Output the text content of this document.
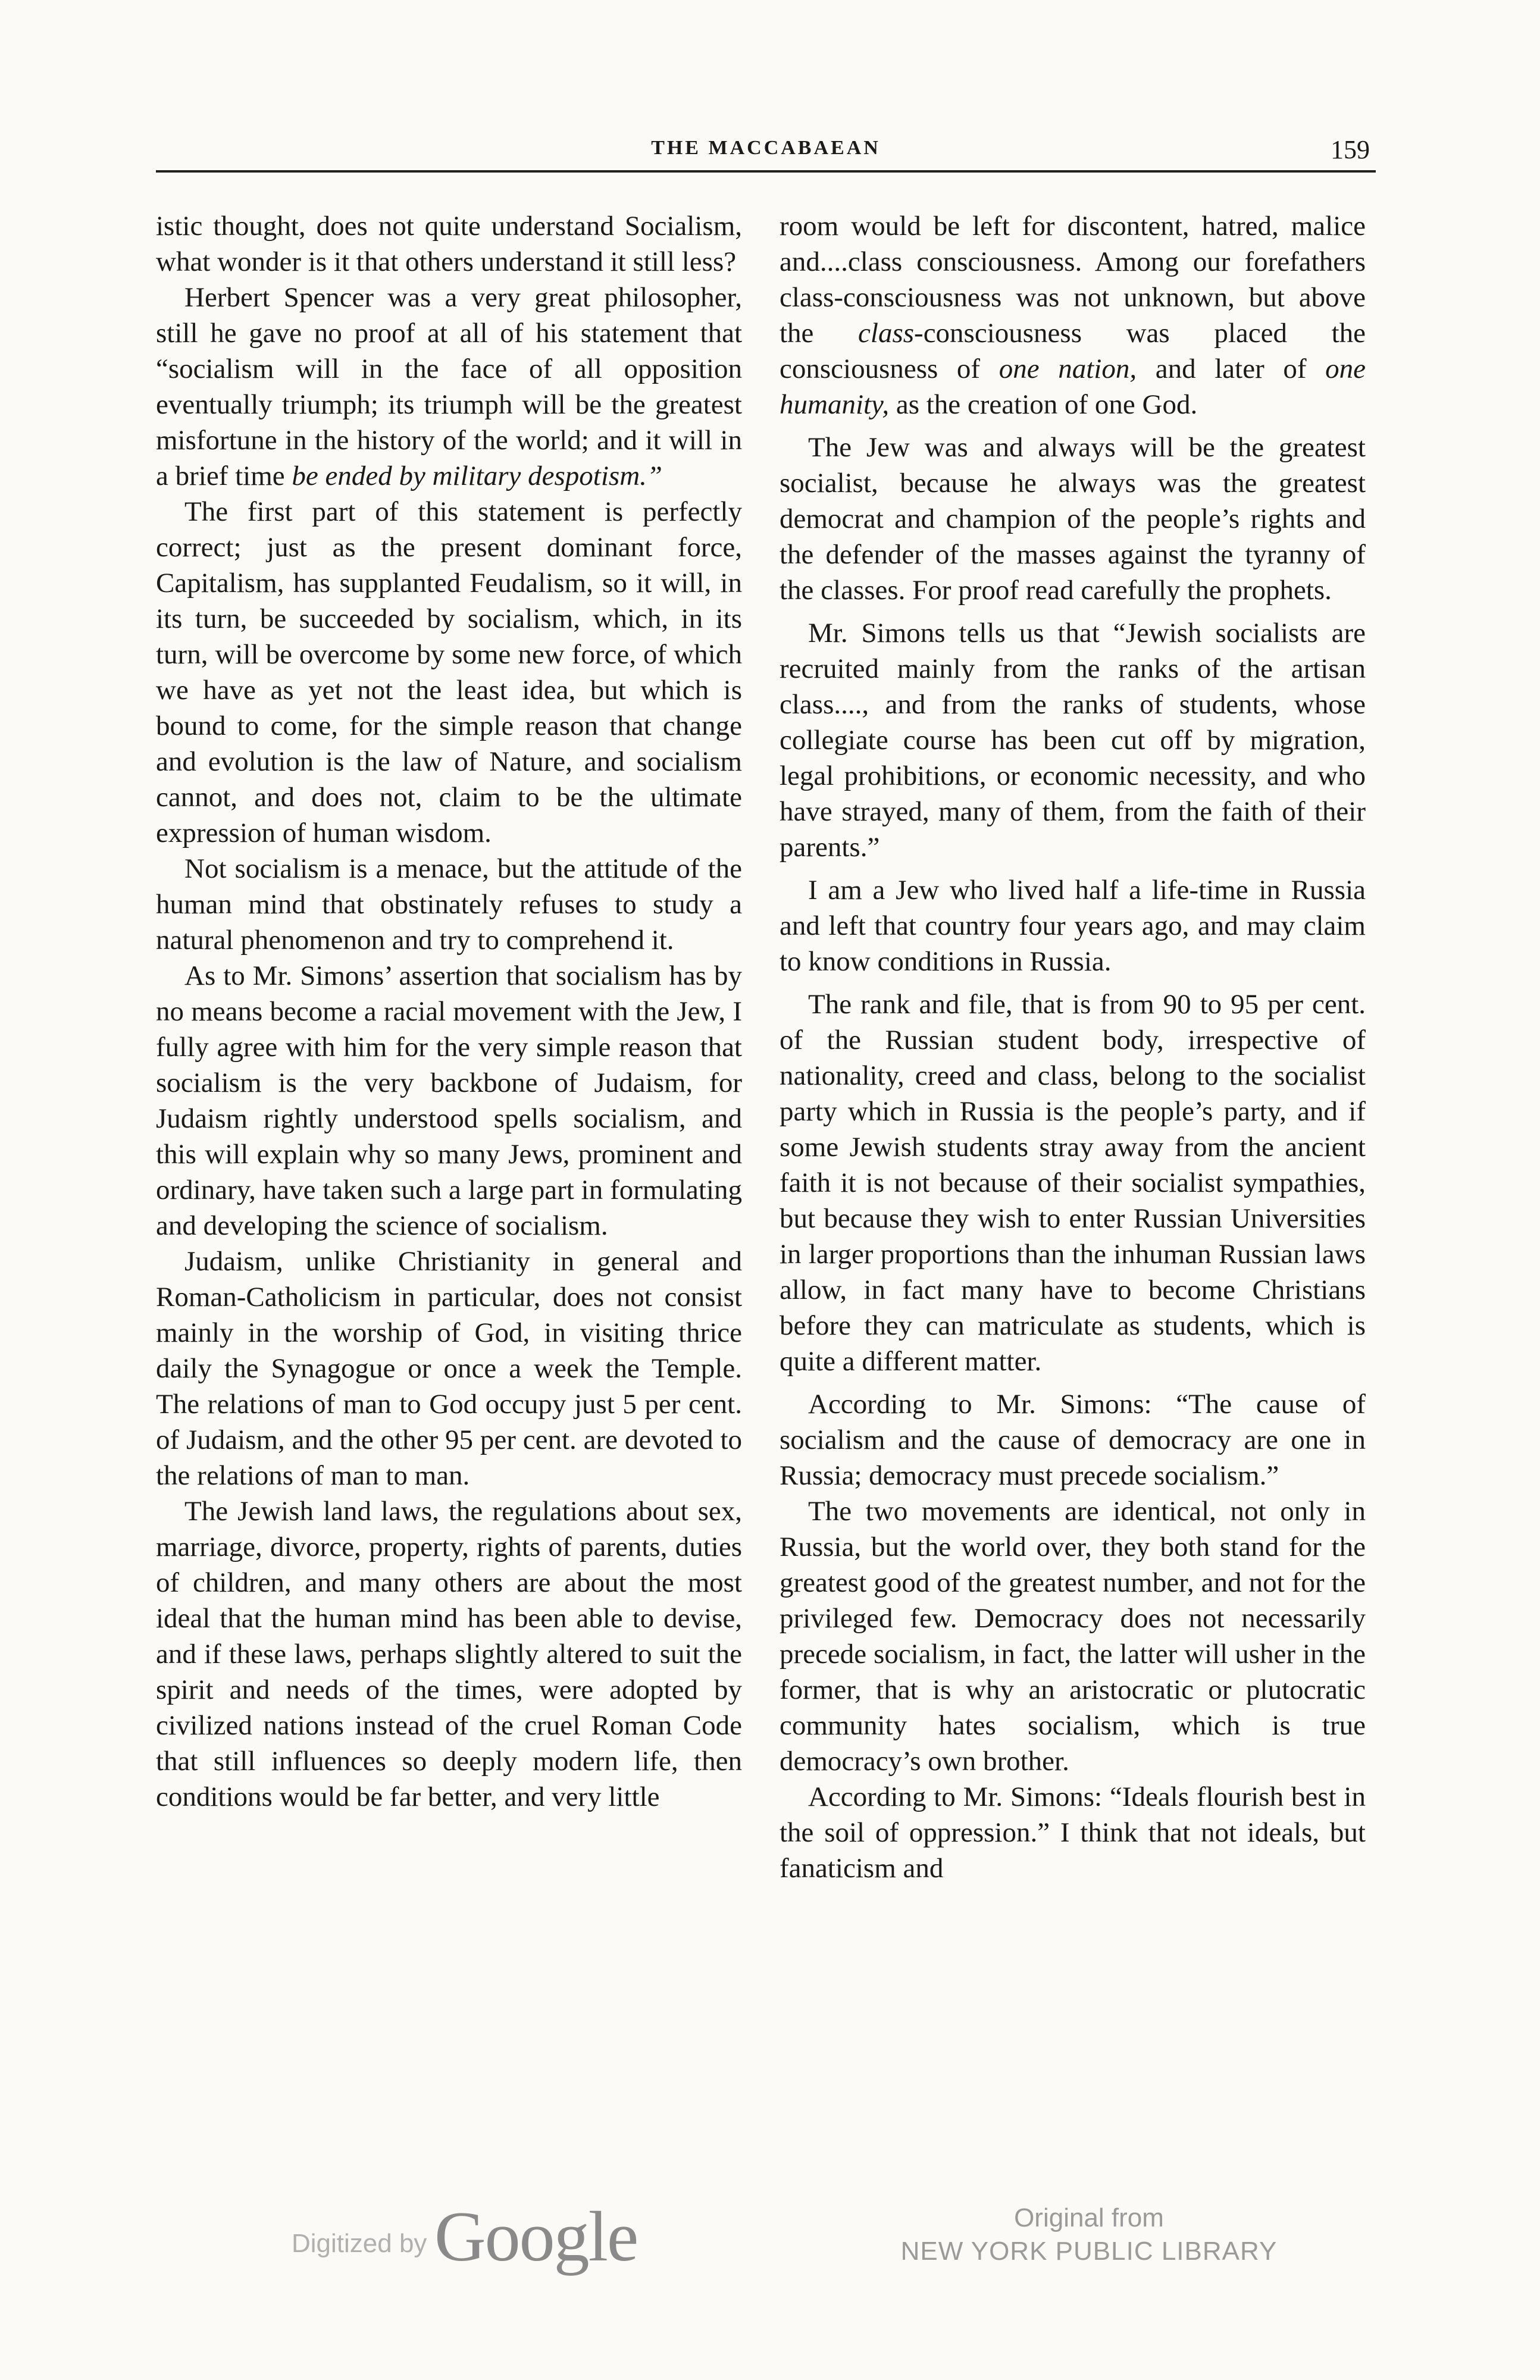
THE MACCABAEAN	159

istic thought, does not quite understand Socialism, what wonder is it that others understand it still less?

Herbert Spencer was a very great philosopher, still he gave no proof at all of his statement that “socialism will in the face of all opposition eventually triumph; its triumph will be the greatest misfortune in the history of the world; and it will in a brief time be ended by military despotism.”

The first part of this statement is perfectly correct; just as the present dominant force, Capitalism, has supplanted Feudalism, so it will, in its turn, be succeeded by socialism, which, in its turn, will be overcome by some new force, of which we have as yet not the least idea, but which is bound to come, for the simple reason that change and evolution is the law of Nature, and socialism cannot, and does not, claim to be the ultimate expression of human wisdom.

Not socialism is a menace, but the attitude of the human mind that obstinately refuses to study a natural phenomenon and try to comprehend it.

As to Mr. Simons’ assertion that socialism has by no means become a racial movement with the Jew, I fully agree with him for the very simple reason that socialism is the very backbone of Judaism, for Judaism rightly understood spells socialism, and this will explain why so many Jews, prominent and ordinary, have taken such a large part in formulating and developing the science of socialism.

Judaism, unlike Christianity in general and Roman-Catholicism in particular, does not consist mainly in the worship of God, in visiting thrice daily the Synagogue or once a week the Temple. The relations of man to God occupy just 5 per cent. of Judaism, and the other 95 per cent. are devoted to the relations of man to man.

The Jewish land laws, the regulations about sex, marriage, divorce, property, rights of parents, duties of children, and many others are about the most ideal that the human mind has been able to devise, and if these laws, perhaps slightly altered to suit the spirit and needs of the times, were adopted by civilized nations instead of the cruel Roman Code that still influences so deeply modern life, then conditions would be far better, and very little

room would be left for discontent, hatred, malice and....class consciousness. Among our forefathers class-consciousness was not unknown, but above the class-consciousness was placed the consciousness of one nation, and later of one humanity, as the creation of one God.

The Jew was and always will be the greatest socialist, because he always was the greatest democrat and champion of the people’s rights and the defender of the masses against the tyranny of the classes. For proof read carefully the prophets.

Mr. Simons tells us that “Jewish socialists are recruited mainly from the ranks of the artisan class...., and from the ranks of students, whose collegiate course has been cut off by migration, legal prohibitions, or economic necessity, and who have strayed, many of them, from the faith of their parents.”

I am a Jew who lived half a life-time in Russia and left that country four years ago, and may claim to know conditions in Russia.

The rank and file, that is from 90 to 95 per cent. of the Russian student body, irrespective of nationality, creed and class, belong to the socialist party which in Russia is the people’s party, and if some Jewish students stray away from the ancient faith it is not because of their socialist sympathies, but because they wish to enter Russian Universities in larger proportions than the inhuman Russian laws allow, in fact many have to become Christians before they can matriculate as students, which is quite a different matter.

According to Mr. Simons: “The cause of socialism and the cause of democracy are one in Russia; democracy must precede socialism.”

The two movements are identical, not only in Russia, but the world over, they both stand for the greatest good of the greatest number, and not for the privileged few. Democracy does not necessarily precede socialism, in fact, the latter will usher in the former, that is why an aristocratic or plutocratic community hates socialism, which is true democracy’s own brother.

According to Mr. Simons: “Ideals flourish best in the soil of oppression.” I think that not ideals, but fanaticism and

Digitized by Google	Original from
NEW YORK PUBLIC LIBRARY
